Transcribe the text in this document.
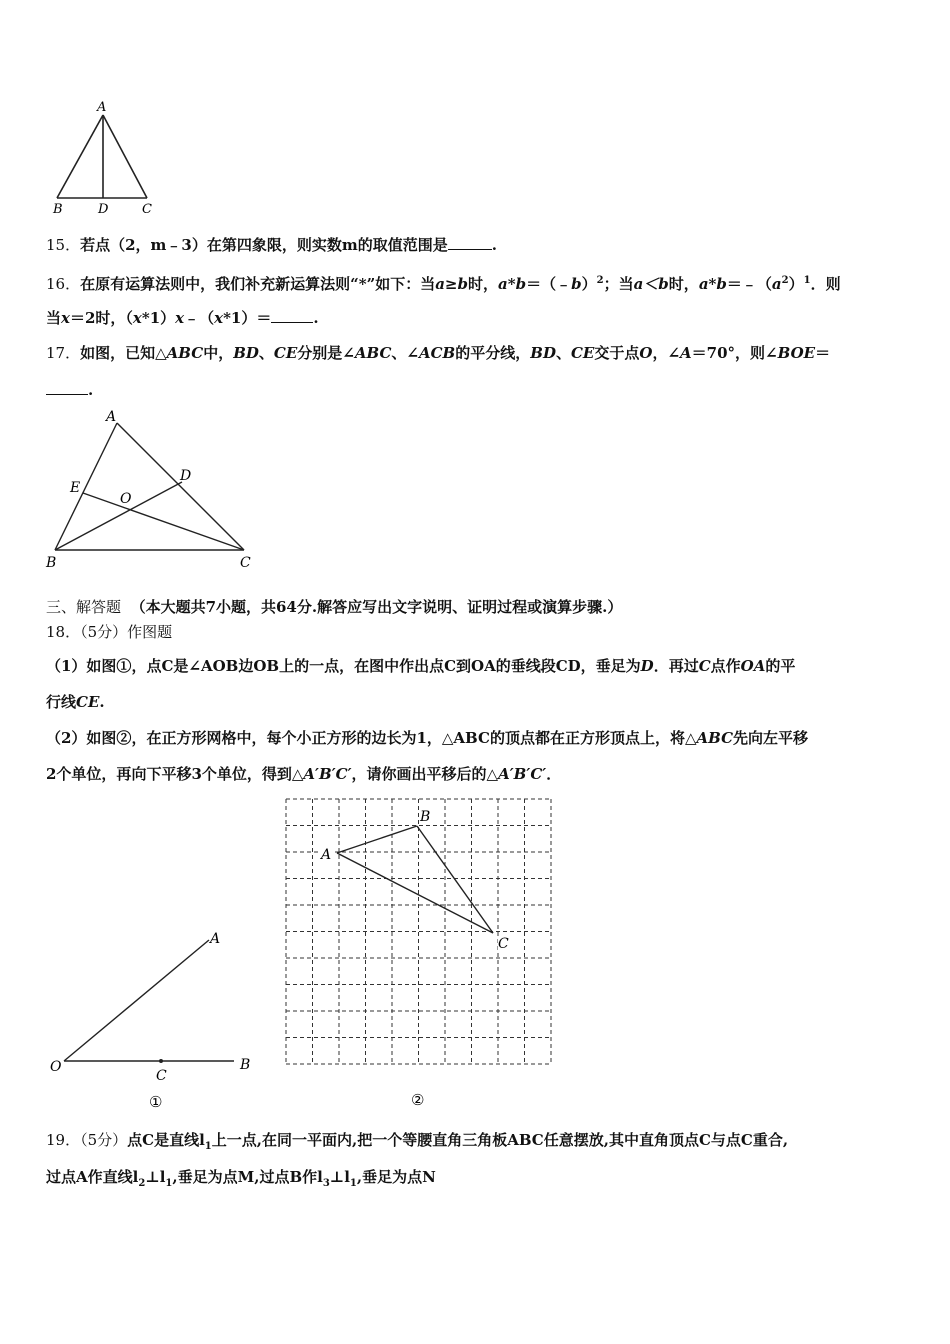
A
B	D	C
15．若点（2，m﹣3）在第四象限，则实数m的取值范围是	.
16．在原有运算法则中，我们补充新运算法则“*”如下：当a≥b时，a*b＝（﹣b）$^2$；当a＜b时，$a*b=﹣(a^2)^1$．则
当x＝2时，（x*1）x﹣（x*1）＝	.
17．如图，已知△ABC中，BD、CE分别是∠ABC、∠ACB的平分线，BD、CE交于点O，∠A＝70°，则∠BOE＝
.
A
B	C
D
E
O
三、解答题 （本大题共7小题，共64分.解答应写出文字说明、证明过程或演算步骤.）
18．（5分）作图题
（1）如图①，点C是∠AOB边OB上的一点，在图中作出点C到OA的垂线段CD，垂足为D．再过C点作OA的平
行线CE.
（2）如图②，在正方形网格中，每个小正方形的边长为1，△ABC的顶点都在正方形顶点上，将△ABC先向左平移
2个单位，再向下平移3个单位，得到△A′B′C′，请你画出平移后的△A′B′C′．
A
O	B
C
①
A
B
C
②
19．（5分）点C是直线$l_1$上一点,在同一平面内,把一个等腰直角三角板ABC任意摆放,其中直角顶点C与点C重合,
过点A作直线$l_2\perp l_1$,垂足为点M,过点B作$l_3\perp l_1$,垂足为点N
